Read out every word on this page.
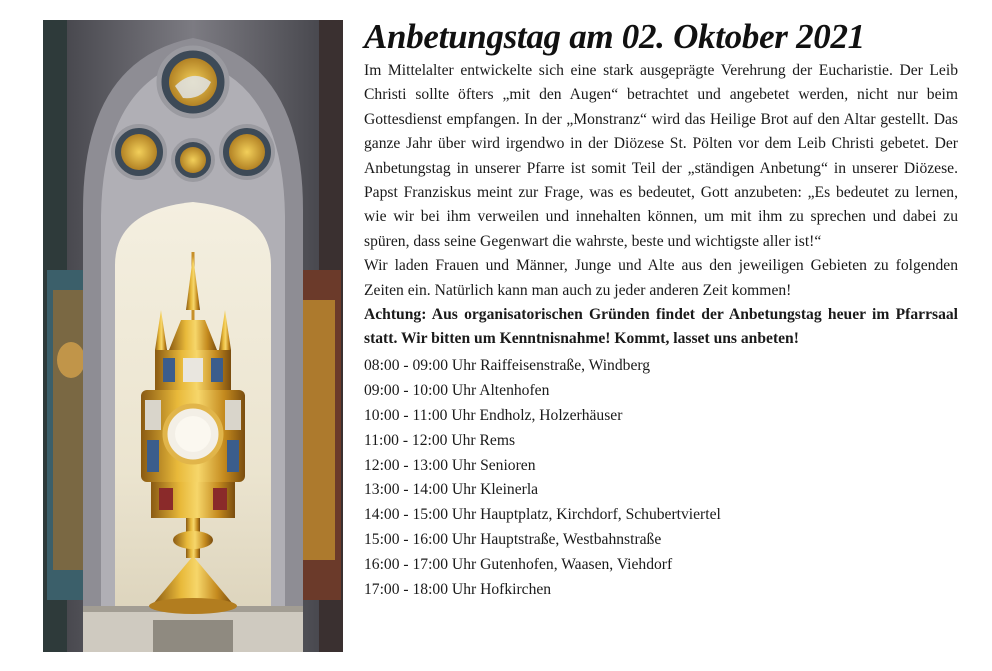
Anbetungstag am 02. Oktober 2021

Im Mittelalter entwickelte sich eine stark ausgeprägte Verehrung der Eucharistie. Der Leib Christi sollte öfters „mit den Augen“ betrachtet und angebetet werden, nicht nur beim Gottesdienst empfangen. In der „Monstranz“ wird das Heilige Brot auf den Altar gestellt. Das ganze Jahr über wird irgendwo in der Diözese St. Pölten vor dem Leib Christi gebetet. Der Anbetungstag in unserer Pfarre ist somit Teil der „ständigen Anbetung“ in unserer Diözese. Papst Franziskus meint zur Frage, was es bedeutet, Gott anzubeten: „Es bedeutet zu lernen, wie wir bei ihm verweilen und innehalten können, um mit ihm zu sprechen und dabei zu spüren, dass seine Gegenwart die wahrste, beste und wichtigste aller ist!“

Wir laden Frauen und Männer, Junge und Alte aus den jeweiligen Gebieten zu folgenden Zeiten ein. Natürlich kann man auch zu jeder anderen Zeit kommen!

Achtung: Aus organisatorischen Gründen findet der Anbetungstag heuer im Pfarrsaal statt. Wir bitten um Kenntnisnahme! Kommt, lasset uns anbeten!

08:00 - 09:00 Uhr Raiffeisenstraße, Windberg
09:00 - 10:00 Uhr Altenhofen
10:00 - 11:00 Uhr Endholz, Holzerhäuser
11:00 - 12:00 Uhr Rems
12:00 - 13:00 Uhr Senioren
13:00 - 14:00 Uhr Kleinerla
14:00 - 15:00 Uhr Hauptplatz, Kirchdorf, Schubertviertel
15:00 - 16:00 Uhr Hauptstraße, Westbahnstraße
16:00 - 17:00 Uhr Gutenhofen, Waasen, Viehdorf
17:00 - 18:00 Uhr Hofkirchen
